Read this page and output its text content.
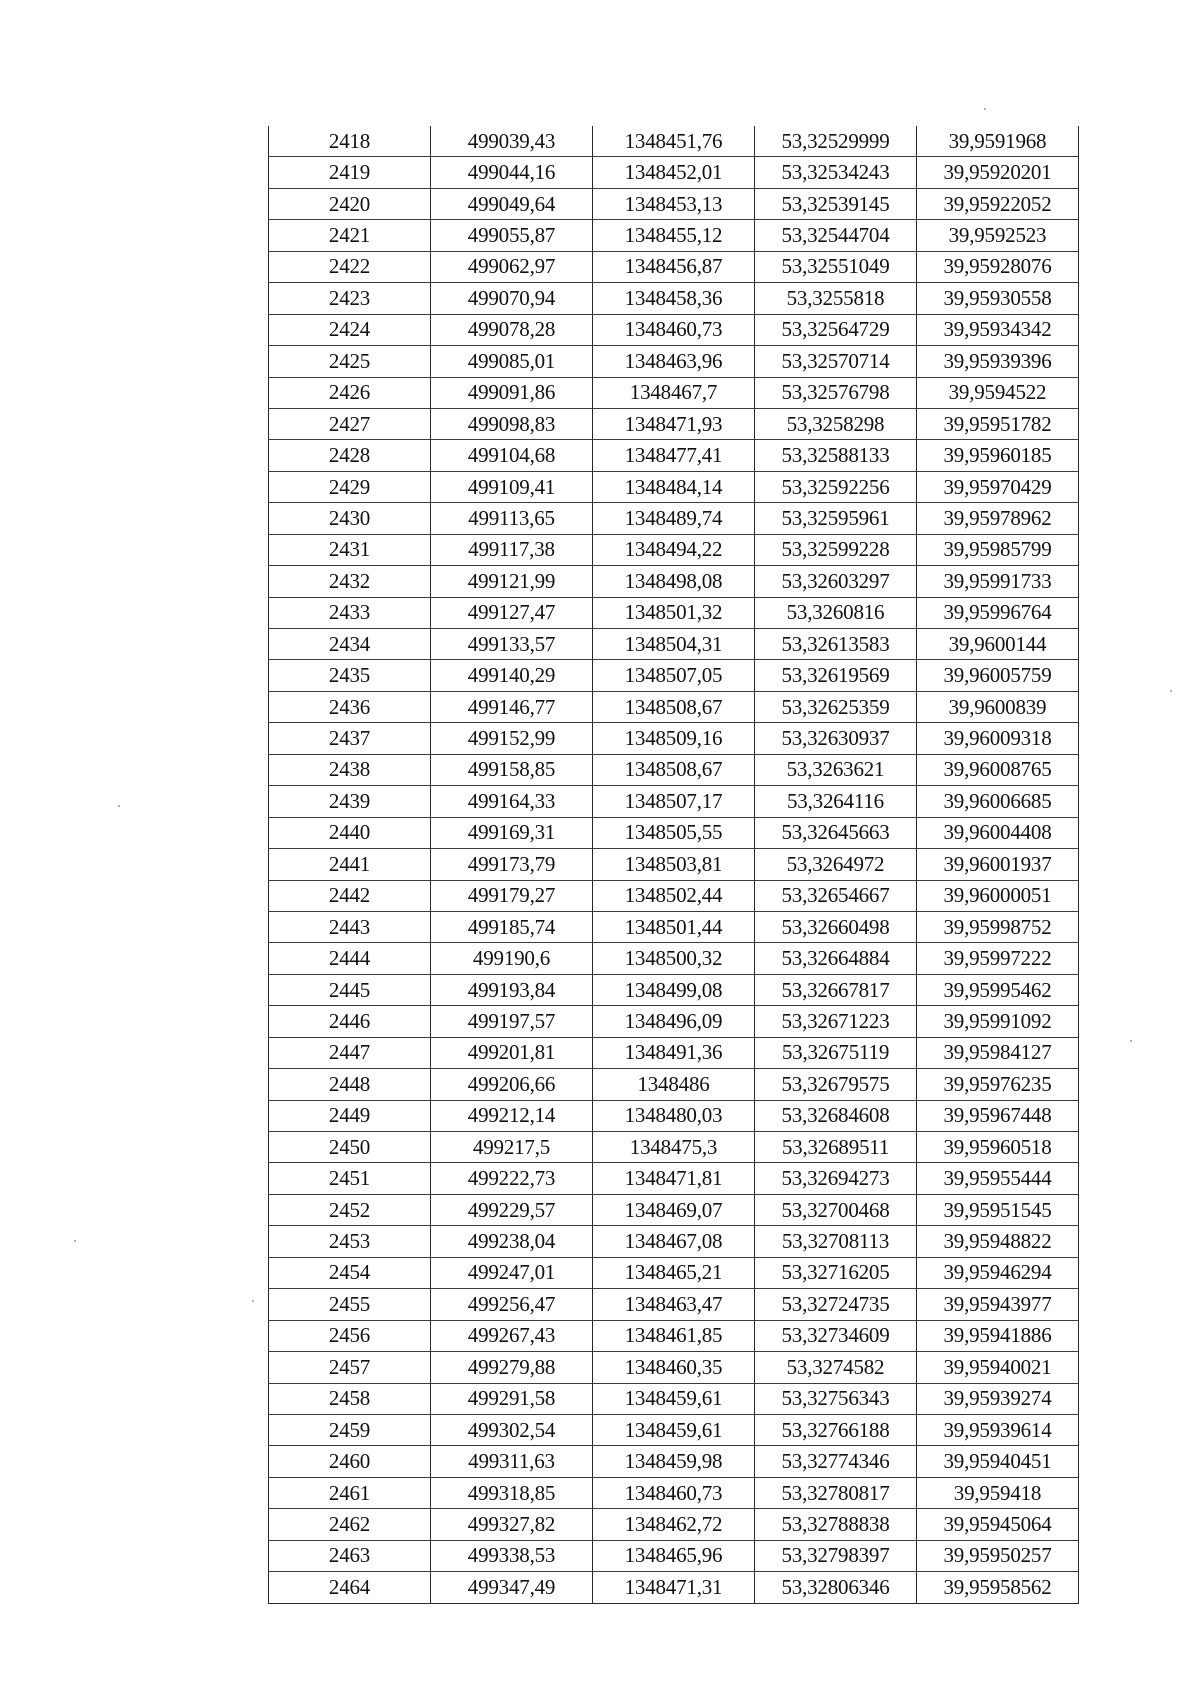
2418	499039,43	1348451,76	53,32529999	39,9591968
2419	499044,16	1348452,01	53,32534243	39,95920201
2420	499049,64	1348453,13	53,32539145	39,95922052
2421	499055,87	1348455,12	53,32544704	39,9592523
2422	499062,97	1348456,87	53,32551049	39,95928076
2423	499070,94	1348458,36	53,3255818	39,95930558
2424	499078,28	1348460,73	53,32564729	39,95934342
2425	499085,01	1348463,96	53,32570714	39,95939396
2426	499091,86	1348467,7	53,32576798	39,9594522
2427	499098,83	1348471,93	53,3258298	39,95951782
2428	499104,68	1348477,41	53,32588133	39,95960185
2429	499109,41	1348484,14	53,32592256	39,95970429
2430	499113,65	1348489,74	53,32595961	39,95978962
2431	499117,38	1348494,22	53,32599228	39,95985799
2432	499121,99	1348498,08	53,32603297	39,95991733
2433	499127,47	1348501,32	53,3260816	39,95996764
2434	499133,57	1348504,31	53,32613583	39,9600144
2435	499140,29	1348507,05	53,32619569	39,96005759
2436	499146,77	1348508,67	53,32625359	39,9600839
2437	499152,99	1348509,16	53,32630937	39,96009318
2438	499158,85	1348508,67	53,3263621	39,96008765
2439	499164,33	1348507,17	53,3264116	39,96006685
2440	499169,31	1348505,55	53,32645663	39,96004408
2441	499173,79	1348503,81	53,3264972	39,96001937
2442	499179,27	1348502,44	53,32654667	39,96000051
2443	499185,74	1348501,44	53,32660498	39,95998752
2444	499190,6	1348500,32	53,32664884	39,95997222
2445	499193,84	1348499,08	53,32667817	39,95995462
2446	499197,57	1348496,09	53,32671223	39,95991092
2447	499201,81	1348491,36	53,32675119	39,95984127
2448	499206,66	1348486	53,32679575	39,95976235
2449	499212,14	1348480,03	53,32684608	39,95967448
2450	499217,5	1348475,3	53,32689511	39,95960518
2451	499222,73	1348471,81	53,32694273	39,95955444
2452	499229,57	1348469,07	53,32700468	39,95951545
2453	499238,04	1348467,08	53,32708113	39,95948822
2454	499247,01	1348465,21	53,32716205	39,95946294
2455	499256,47	1348463,47	53,32724735	39,95943977
2456	499267,43	1348461,85	53,32734609	39,95941886
2457	499279,88	1348460,35	53,3274582	39,95940021
2458	499291,58	1348459,61	53,32756343	39,95939274
2459	499302,54	1348459,61	53,32766188	39,95939614
2460	499311,63	1348459,98	53,32774346	39,95940451
2461	499318,85	1348460,73	53,32780817	39,959418
2462	499327,82	1348462,72	53,32788838	39,95945064
2463	499338,53	1348465,96	53,32798397	39,95950257
2464	499347,49	1348471,31	53,32806346	39,95958562
